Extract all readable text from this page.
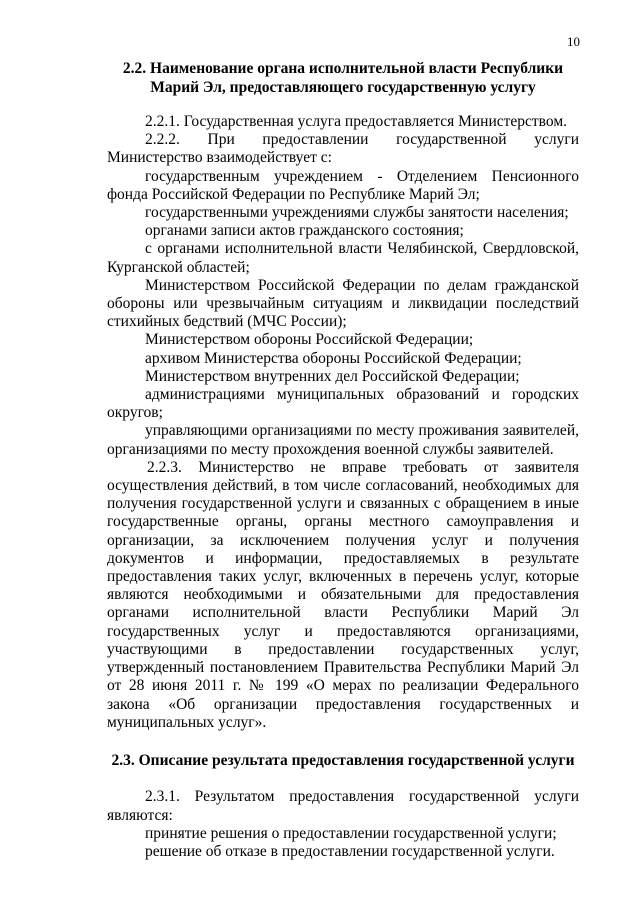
10
2.2. Наименование органа исполнительной власти Республики
Марий Эл, предоставляющего государственную услугу

2.2.1. Государственная услуга предоставляется Министерством.

2.2.2. При предоставлении государственной услуги Министерство взаимодействует с:

государственным учреждением - Отделением Пенсионного фонда Российской Федерации по Республике Марий Эл;

государственными учреждениями службы занятости населения;

органами записи актов гражданского состояния;

с органами исполнительной власти Челябинской, Свердловской, Курганской областей;

Министерством Российской Федерации по делам гражданской обороны или чрезвычайным ситуациям и ликвидации последствий стихийных бедствий (МЧС России);

Министерством обороны Российской Федерации;

архивом Министерства обороны Российской Федерации;

Министерством внутренних дел Российской Федерации;

администрациями муниципальных образований и городских округов;

управляющими организациями по месту проживания заявителей, организациями по месту прохождения военной службы заявителей.

2.2.3. Министерство не вправе требовать от заявителя осуществления действий, в том числе согласований, необходимых для получения государственной услуги и связанных с обращением в иные государственные органы, органы местного самоуправления и организации, за исключением получения услуг и получения документов и информации, предоставляемых в результате предоставления таких услуг, включенных в перечень услуг, которые являются необходимыми и обязательными для предоставления органами исполнительной власти Республики Марий Эл государственных услуг и предоставляются организациями, участвующими в предоставлении государственных услуг, утвержденный постановлением Правительства Республики Марий Эл от 28 июня 2011 г. № 199 «О мерах по реализации Федерального закона «Об организации предоставления государственных и муниципальных услуг».

2.3. Описание результата предоставления государственной услуги

2.3.1. Результатом предоставления государственной услуги являются:

принятие решения о предоставлении государственной услуги;

решение об отказе в предоставлении государственной услуги.
